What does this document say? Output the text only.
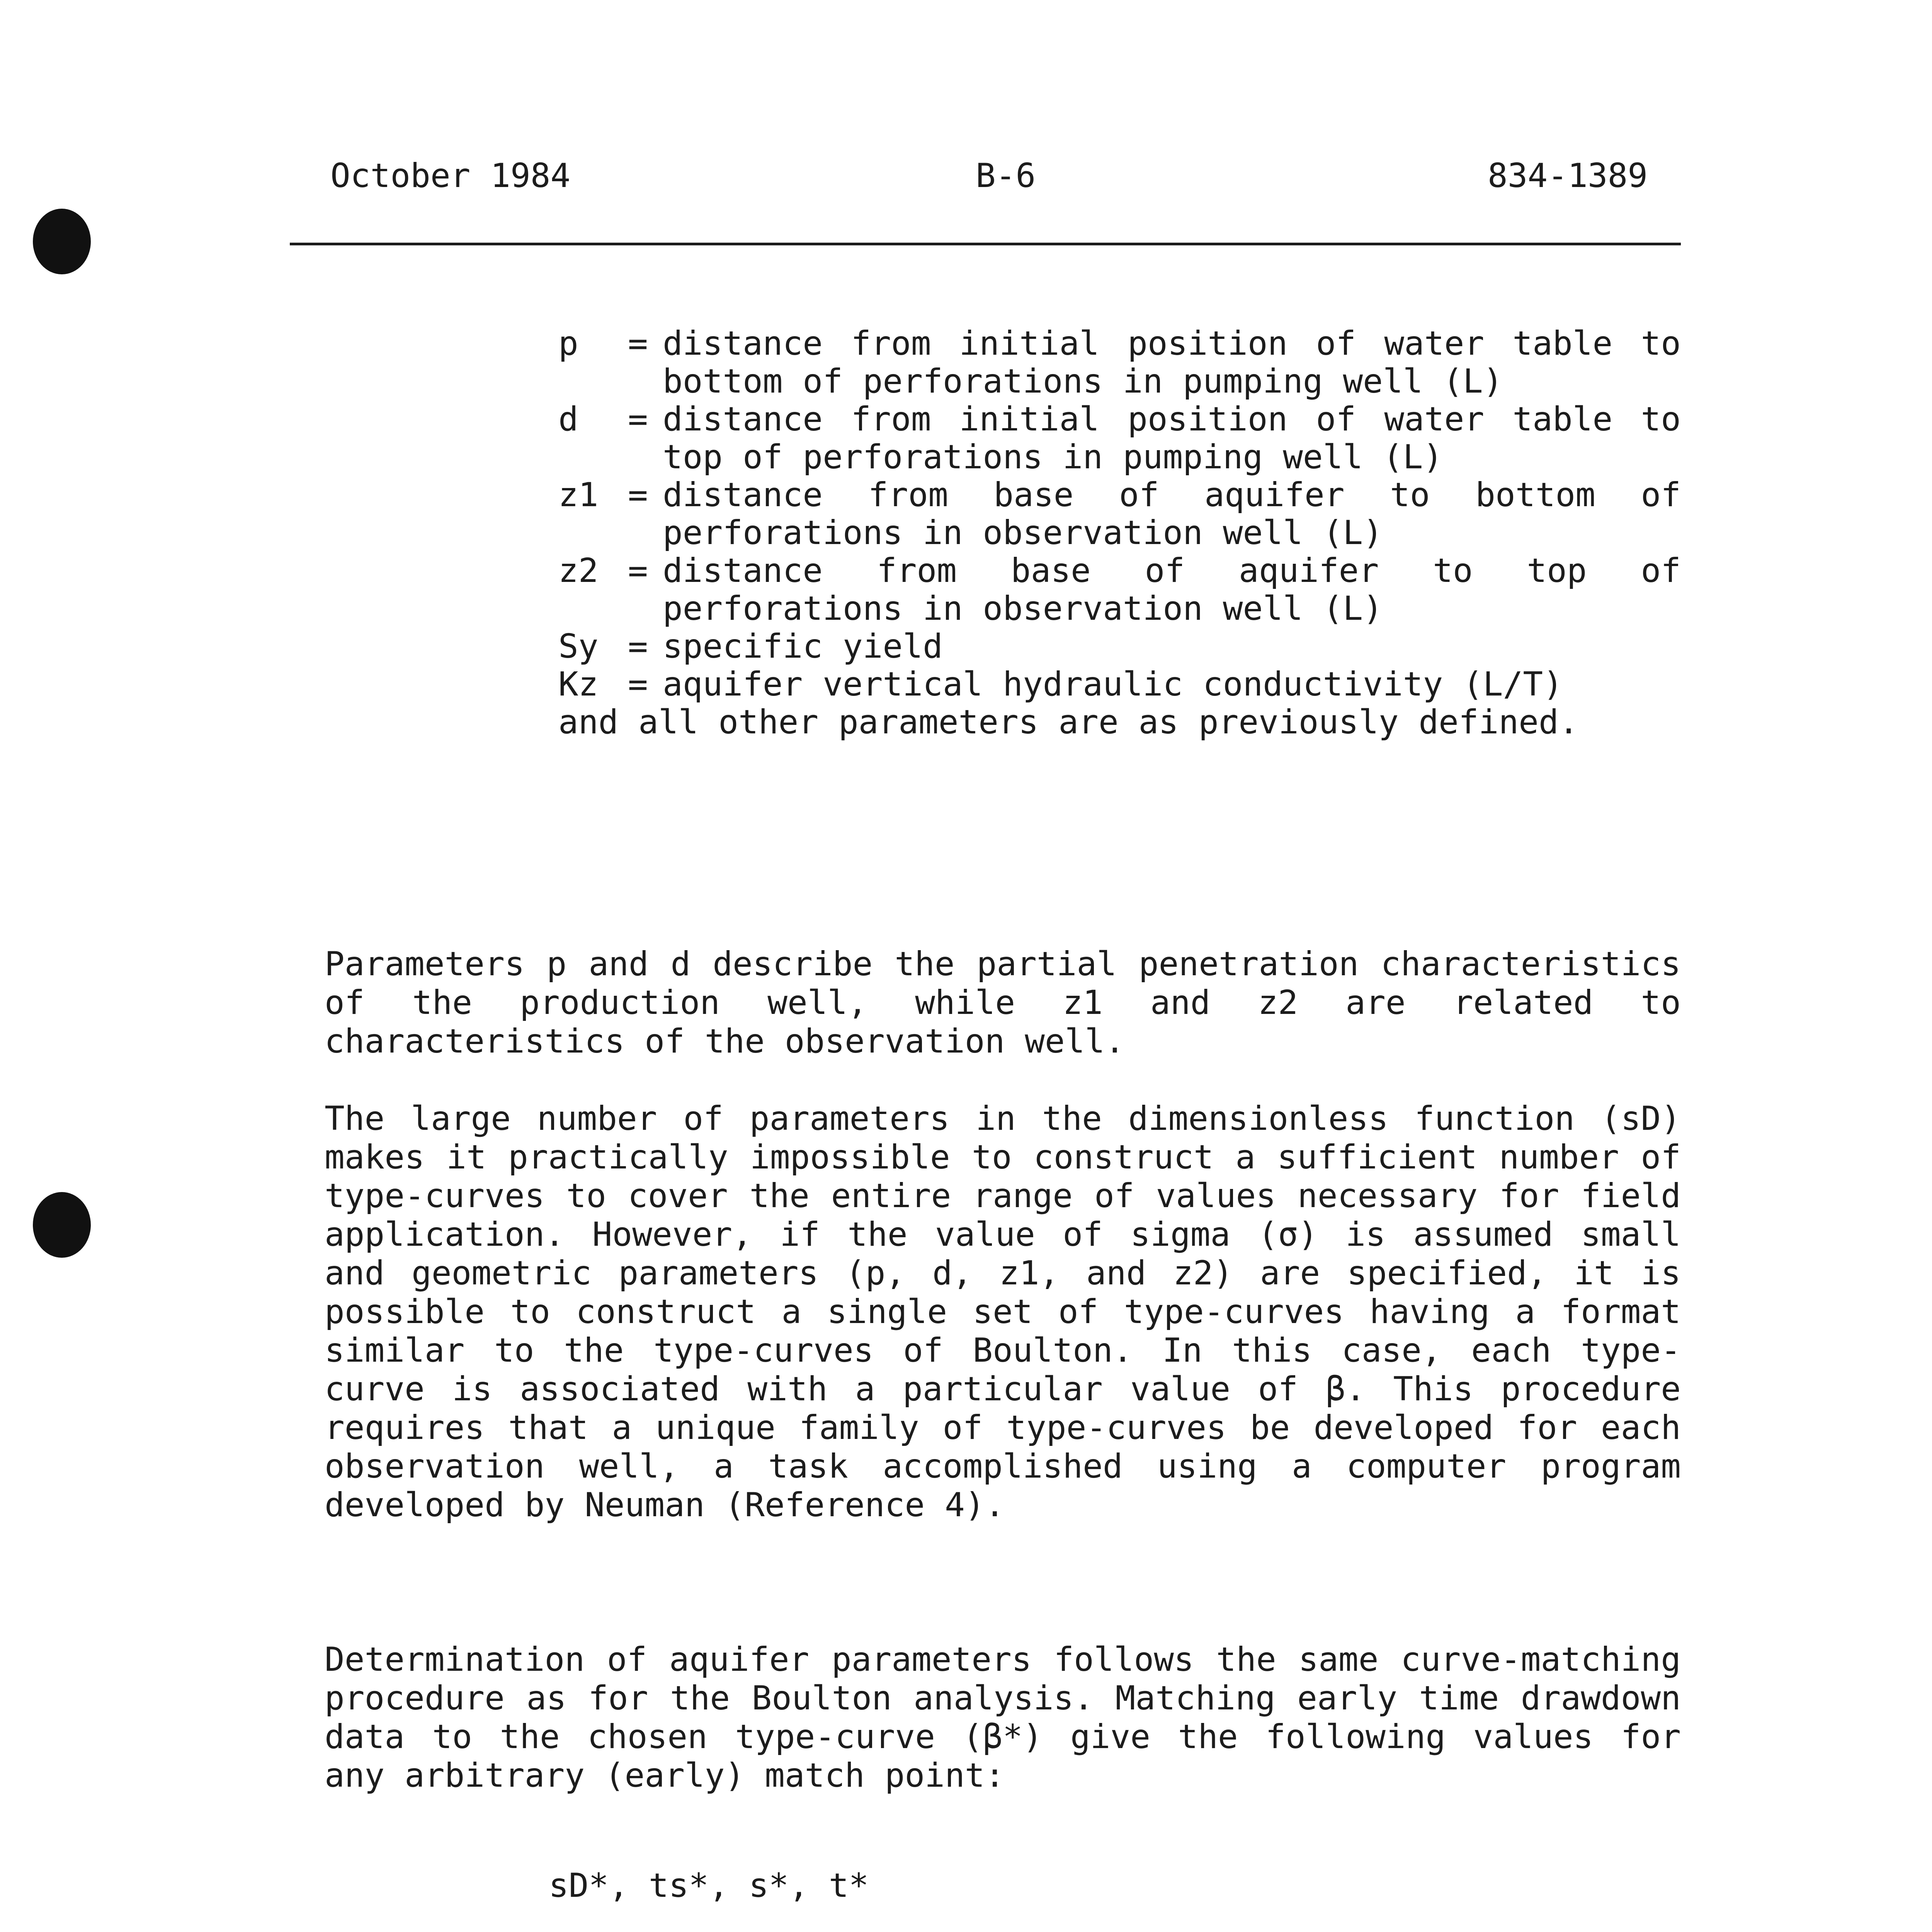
October 1984	B-6	834-1389
p	= distance from initial position of water table to bottom of perforations in pumping well (L)
d	= distance from initial position of water table to top of perforations in pumping well (L)
z1 = distance from base of aquifer to bottom of perforations in observation well (L)
z2 = distance from base of aquifer to top of perforations in observation well (L)
Sy = specific yield
Kz = aquifer vertical hydraulic conductivity (L/T)
and all other parameters are as previously defined.

Parameters p and d describe the partial penetration characteristics of the production well, while z1 and z2 are related to characteristics of the observation well.

The large number of parameters in the dimensionless function (sD) makes it practically impossible to construct a sufficient number of type-curves to cover the entire range of values necessary for field application. However, if the value of sigma (σ) is assumed small and geometric parameters (p, d, z1, and z2) are specified, it is possible to construct a single set of type-curves having a format similar to the type-curves of Boulton. In this case, each type-curve is associated with a particular value of β. This procedure requires that a unique family of type-curves be developed for each observation well, a task accomplished using a computer program developed by Neuman (Reference 4).

Determination of aquifer parameters follows the same curve-matching procedure as for the Boulton analysis. Matching early time drawdown data to the chosen type-curve (β*) give the following values for any arbitrary (early) match point:

sD*, ts*, s*, t*
